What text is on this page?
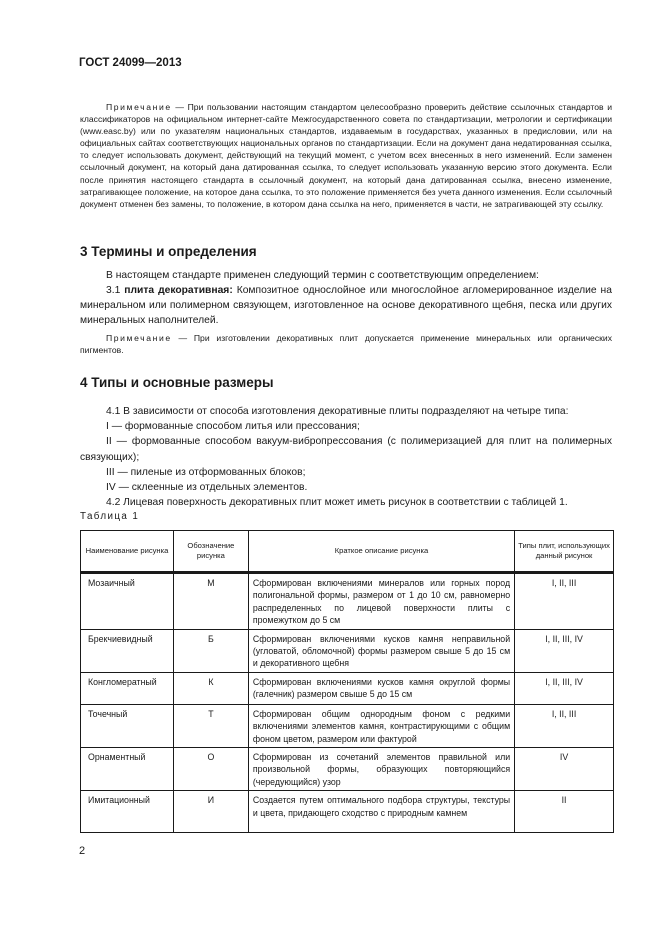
ГОСТ 24099—2013
Примечание — При пользовании настоящим стандартом целесообразно проверить действие ссылочных стандартов и классификаторов на официальном интернет-сайте Межгосударственного совета по стандартизации, метрологии и сертификации (www.easc.by) или по указателям национальных стандартов, издаваемым в государствах, указанных в предисловии, или на официальных сайтах соответствующих национальных органов по стандартизации. Если на документ дана недатированная ссылка, то следует использовать документ, действующий на текущий момент, с учетом всех внесенных в него изменений. Если заменен ссылочный документ, на который дана датированная ссылка, то следует использовать указанную версию этого документа. Если после принятия настоящего стандарта в ссылочный документ, на который дана датированная ссылка, внесено изменение, затрагивающее положение, на которое дана ссылка, то это положение применяется без учета данного изменения. Если ссылочный документ отменен без замены, то положение, в котором дана ссылка на него, применяется в части, не затрагивающей эту ссылку.
3 Термины и определения
В настоящем стандарте применен следующий термин с соответствующим определением:
3.1 плита декоративная: Композитное однослойное или многослойное агломерированное изделие на минеральном или полимерном связующем, изготовленное на основе декоративного щебня, песка или других минеральных наполнителей.
Примечание — При изготовлении декоративных плит допускается применение минеральных или органических пигментов.
4 Типы и основные размеры
4.1 В зависимости от способа изготовления декоративные плиты подразделяют на четыре типа:
I — формованные способом литья или прессования;
II — формованные способом вакуум-вибропрессования (с полимеризацией для плит на полимерных связующих);
III — пиленые из отформованных блоков;
IV — склеенные из отдельных элементов.
4.2 Лицевая поверхность декоративных плит может иметь рисунок в соответствии с таблицей 1.
Таблица 1
Наименование рисунка	Обозначение рисунка	Краткое описание рисунка	Типы плит, использующих данный рисунок
Мозаичный	М	Сформирован включениями минералов или горных пород полигональной формы, размером от 1 до 10 см, равномерно распределенных по лицевой поверхности плиты с промежутком до 5 см	I, II, III
Брекчиевидный	Б	Сформирован включениями кусков камня неправильной (угловатой, обломочной) формы размером свыше 5 до 15 см и декоративного щебня	I, II, III, IV
Конгломератный	К	Сформирован включениями кусков камня округлой формы (галечник) размером свыше 5 до 15 см	I, II, III, IV
Точечный	Т	Сформирован общим однородным фоном с редкими включениями элементов камня, контрастирующими с общим фоном цветом, размером или фактурой	I, II, III
Орнаментный	О	Сформирован из сочетаний элементов правильной или произвольной формы, образующих повторяющийся (чередующийся) узор	IV
Имитационный	И	Создается путем оптимального подбора структуры, текстуры и цвета, придающего сходство с природным камнем	II
2
